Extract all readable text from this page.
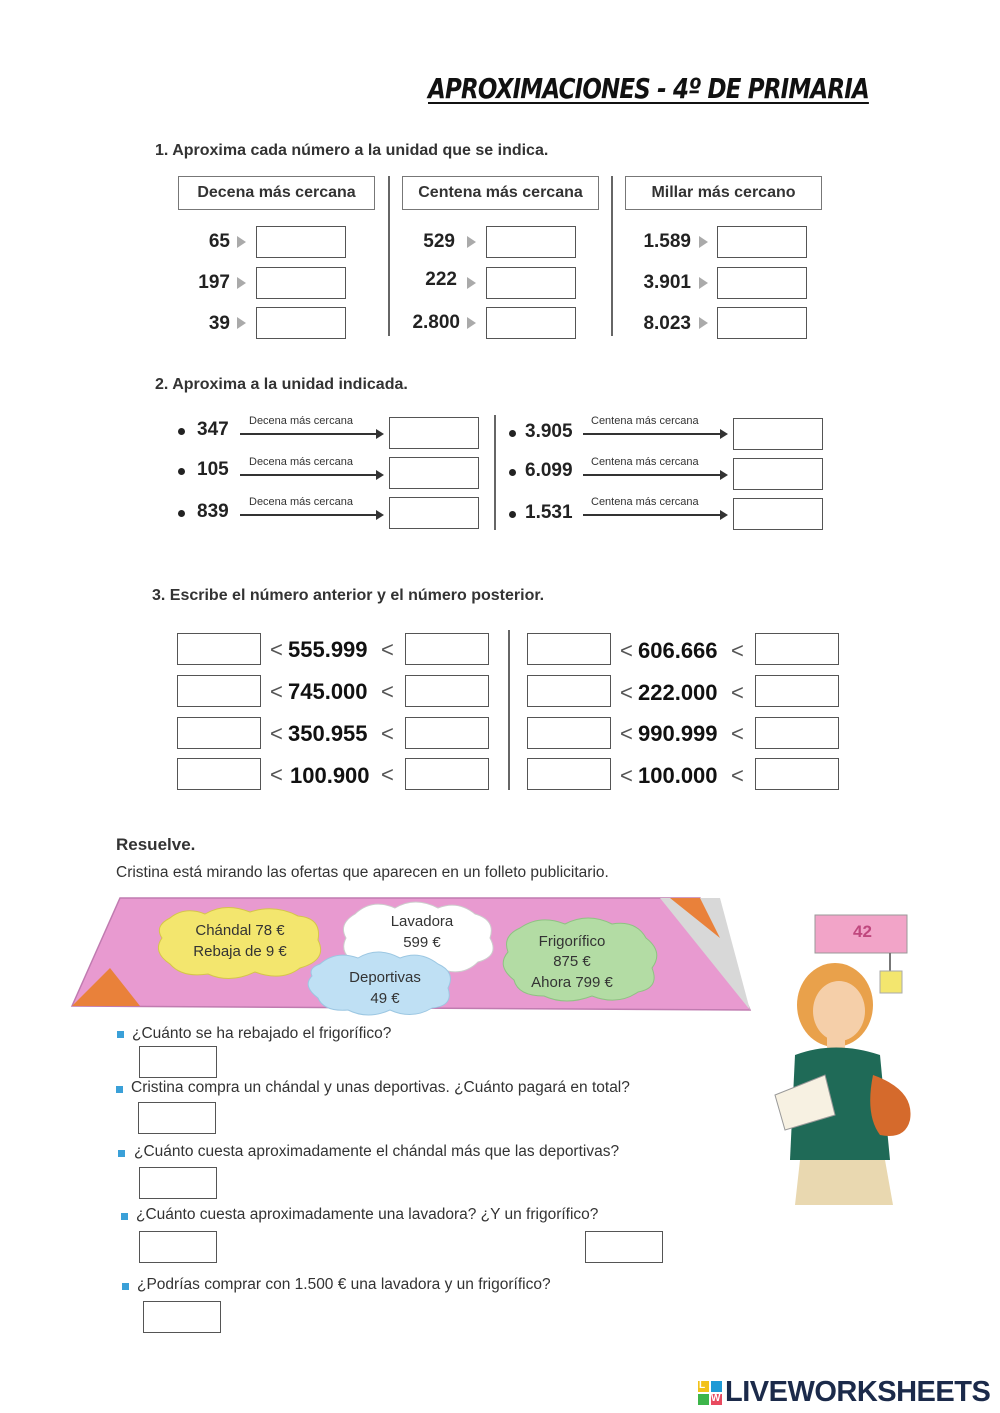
APROXIMACIONES - 4º DE PRIMARIA
1. Aproxima cada número a la unidad que se indica.
Decena más cercana	Centena más cercana	Millar más cercano
65
197
39
529
222
2.800
1.589
3.901
8.023
2. Aproxima a la unidad indicada.
347 Decena más cercana
105 Decena más cercana
839 Decena más cercana
3.905 Centena más cercana
6.099 Centena más cercana
1.531 Centena más cercana
3. Escribe el número anterior y el número posterior.
< 555.999 <
< 745.000 <
< 350.955 <
< 100.900 <
< 606.666 <
< 222.000 <
< 990.999 <
< 100.000 <
Resuelve.
Cristina está mirando las ofertas que aparecen en un folleto publicitario.
Chándal 78 €
Rebaja de 9 €
Lavadora
599 €
Deportivas
49 €
Frigorífico
875 €
Ahora 799 €
42
¿Cuánto se ha rebajado el frigorífico?
Cristina compra un chándal y unas deportivas. ¿Cuánto pagará en total?
¿Cuánto cuesta aproximadamente el chándal más que las deportivas?
¿Cuánto cuesta aproximadamente una lavadora? ¿Y un frigorífico?
¿Podrías comprar con 1.500 € una lavadora y un frigorífico?
L
W LIVEWORKSHEETS
